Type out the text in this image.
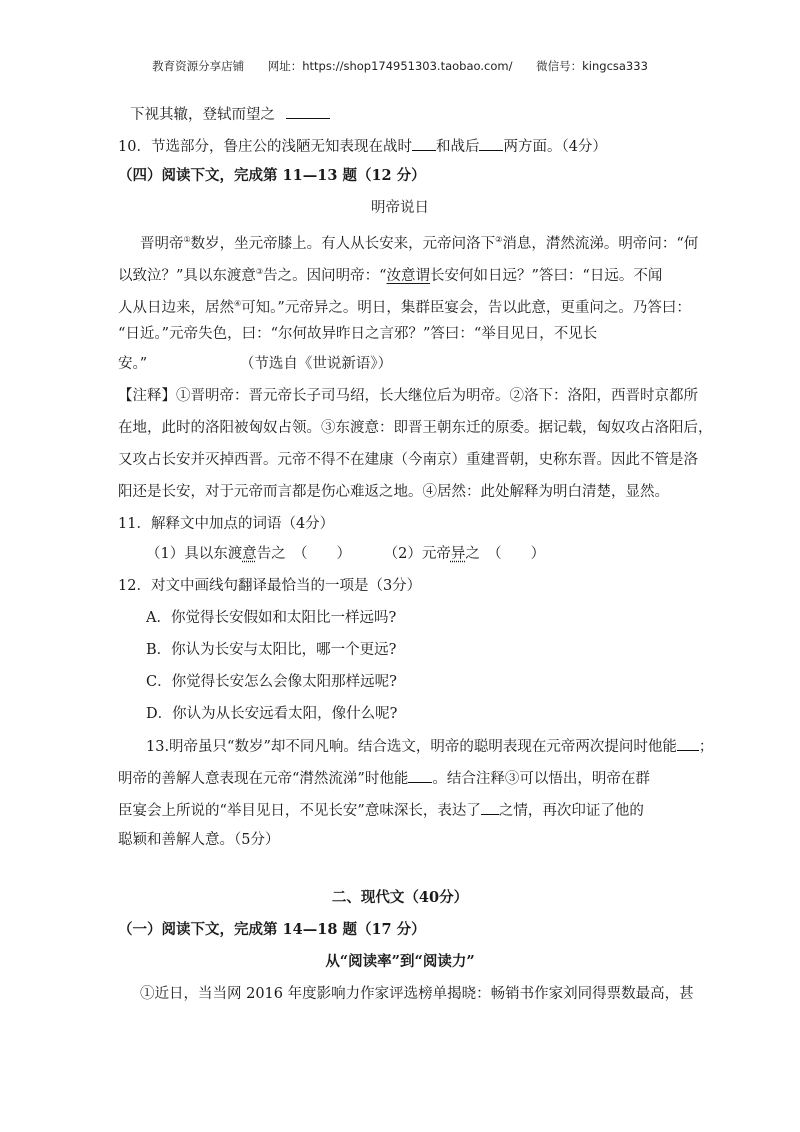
教育资源分享店铺 网址：https://shop174951303.taobao.com/ 微信号：kingcsa333
下视其辙，登轼而望之
10．节选部分，鲁庄公的浅陋无知表现在战时 和战后 两方面。（4分）
（四）阅读下文，完成第 11—13 题（12 分）
明帝说日
晋明帝①数岁，坐元帝膝上。有人从长安来，元帝问洛下②消息，潸然流涕。明帝问：“何
以致泣？”具以东渡意③告之。因问明帝：“汝意谓长安何如日远？”答曰：“日远。不闻
人从日边来，居然④可知。”元帝异之。明日，集群臣宴会，告以此意，更重问之。乃答曰：
“日近。”元帝失色，曰：“尔何故异昨日之言邪？”答曰：“举目见日，不见长
安。”	（节选自《世说新语》）
【注释】①晋明帝：晋元帝长子司马绍，长大继位后为明帝。②洛下：洛阳，西晋时京都所
在地，此时的洛阳被匈奴占领。③东渡意：即晋王朝东迁的原委。据记载，匈奴攻占洛阳后，
又攻占长安并灭掉西晋。元帝不得不在建康（今南京）重建晋朝，史称东晋。因此不管是洛
阳还是长安，对于元帝而言都是伤心难返之地。④居然：此处解释为明白清楚，显然。
11．解释文中加点的词语（4分）
（1）具以东渡意告之　（　　） （2）元帝异之　（　　）
12．对文中画线句翻译最恰当的一项是（3分）
A．你觉得长安假如和太阳比一样远吗?
B．你认为长安与太阳比，哪一个更远?
C．你觉得长安怎么会像太阳那样远呢?
D．你认为从长安远看太阳，像什么呢?
13.明帝虽只“数岁”却不同凡响。结合选文，明帝的聪明表现在元帝两次提问时他能 ；
明帝的善解人意表现在元帝“潸然流涕”时他能 。结合注释③可以悟出，明帝在群
臣宴会上所说的“举目见日，不见长安”意味深长，表达了 之情，再次印证了他的
聪颖和善解人意。（5分）
二、现代文（40分）
（一）阅读下文，完成第 14—18 题（17 分）
从“阅读率”到“阅读力”
①近日，当当网 2016 年度影响力作家评选榜单揭晓：畅销书作家刘同得票数最高，甚
